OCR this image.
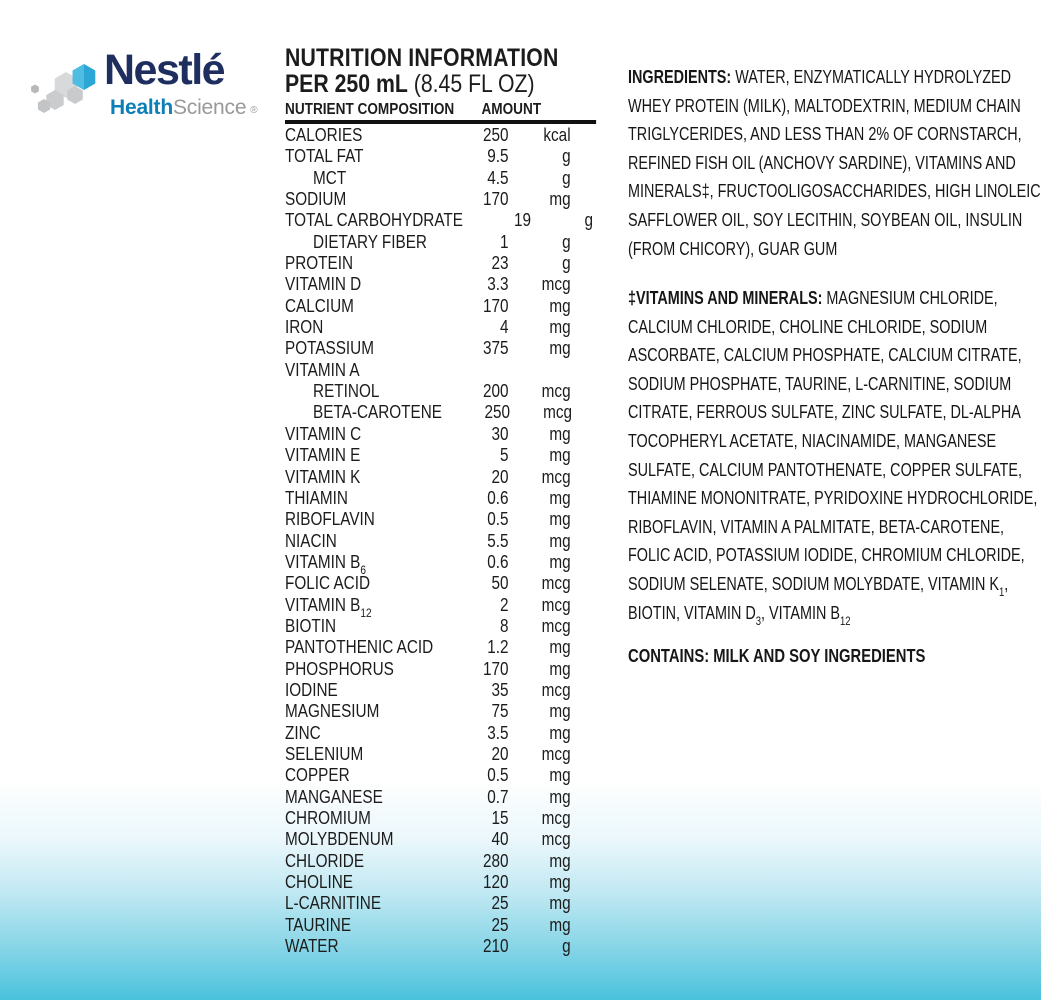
Nestlé
HealthScience ®
NUTRITION INFORMATION
PER 250 mL (8.45 FL OZ)
NUTRIENT COMPOSITION AMOUNT
CALORIES	250	kcal
TOTAL FAT	9.5	g
MCT	4.5	g
SODIUM	170	mg
TOTAL CARBOHYDRATE	19	g
DIETARY FIBER	1	g
PROTEIN	23	g
VITAMIN D	3.3	mcg
CALCIUM	170	mg
IRON	4	mg
POTASSIUM	375	mg
VITAMIN A
RETINOL	200	mcg
BETA-CAROTENE	250	mcg
VITAMIN C	30	mg
VITAMIN E	5	mg
VITAMIN K	20	mcg
THIAMIN	0.6	mg
RIBOFLAVIN	0.5	mg
NIACIN	5.5	mg
VITAMIN $B_6$	0.6	mg
FOLIC ACID	50	mcg
VITAMIN $B_{12}$	2	mcg
BIOTIN	8	mcg
PANTOTHENIC ACID	1.2	mg
PHOSPHORUS	170	mg
IODINE	35	mcg
MAGNESIUM	75	mg
ZINC	3.5	mg
SELENIUM	20	mcg
COPPER	0.5	mg
MANGANESE	0.7	mg
CHROMIUM	15	mcg
MOLYBDENUM	40	mcg
CHLORIDE	280	mg
CHOLINE	120	mg
L-CARNITINE	25	mg
TAURINE	25	mg
WATER	210	g

INGREDIENTS: WATER, ENZYMATICALLY HYDROLYZED
WHEY PROTEIN (MILK), MALTODEXTRIN, MEDIUM CHAIN
TRIGLYCERIDES, AND LESS THAN 2% OF CORNSTARCH,
REFINED FISH OIL (ANCHOVY SARDINE), VITAMINS AND
MINERALS‡, FRUCTOOLIGOSACCHARIDES, HIGH LINOLEIC
SAFFLOWER OIL, SOY LECITHIN, SOYBEAN OIL, INSULIN
(FROM CHICORY), GUAR GUM

‡VITAMINS AND MINERALS: MAGNESIUM CHLORIDE,
CALCIUM CHLORIDE, CHOLINE CHLORIDE, SODIUM
ASCORBATE, CALCIUM PHOSPHATE, CALCIUM CITRATE,
SODIUM PHOSPHATE, TAURINE, L-CARNITINE, SODIUM
CITRATE, FERROUS SULFATE, ZINC SULFATE, DL-ALPHA
TOCOPHERYL ACETATE, NIACINAMIDE, MANGANESE
SULFATE, CALCIUM PANTOTHENATE, COPPER SULFATE,
THIAMINE MONONITRATE, PYRIDOXINE HYDROCHLORIDE,
RIBOFLAVIN, VITAMIN A PALMITATE, BETA-CAROTENE,
FOLIC ACID, POTASSIUM IODIDE, CHROMIUM CHLORIDE,
SODIUM SELENATE, SODIUM MOLYBDATE, VITAMIN $K_1$,
BIOTIN, VITAMIN $D_3$, VITAMIN $B_{12}$

CONTAINS: MILK AND SOY INGREDIENTS
